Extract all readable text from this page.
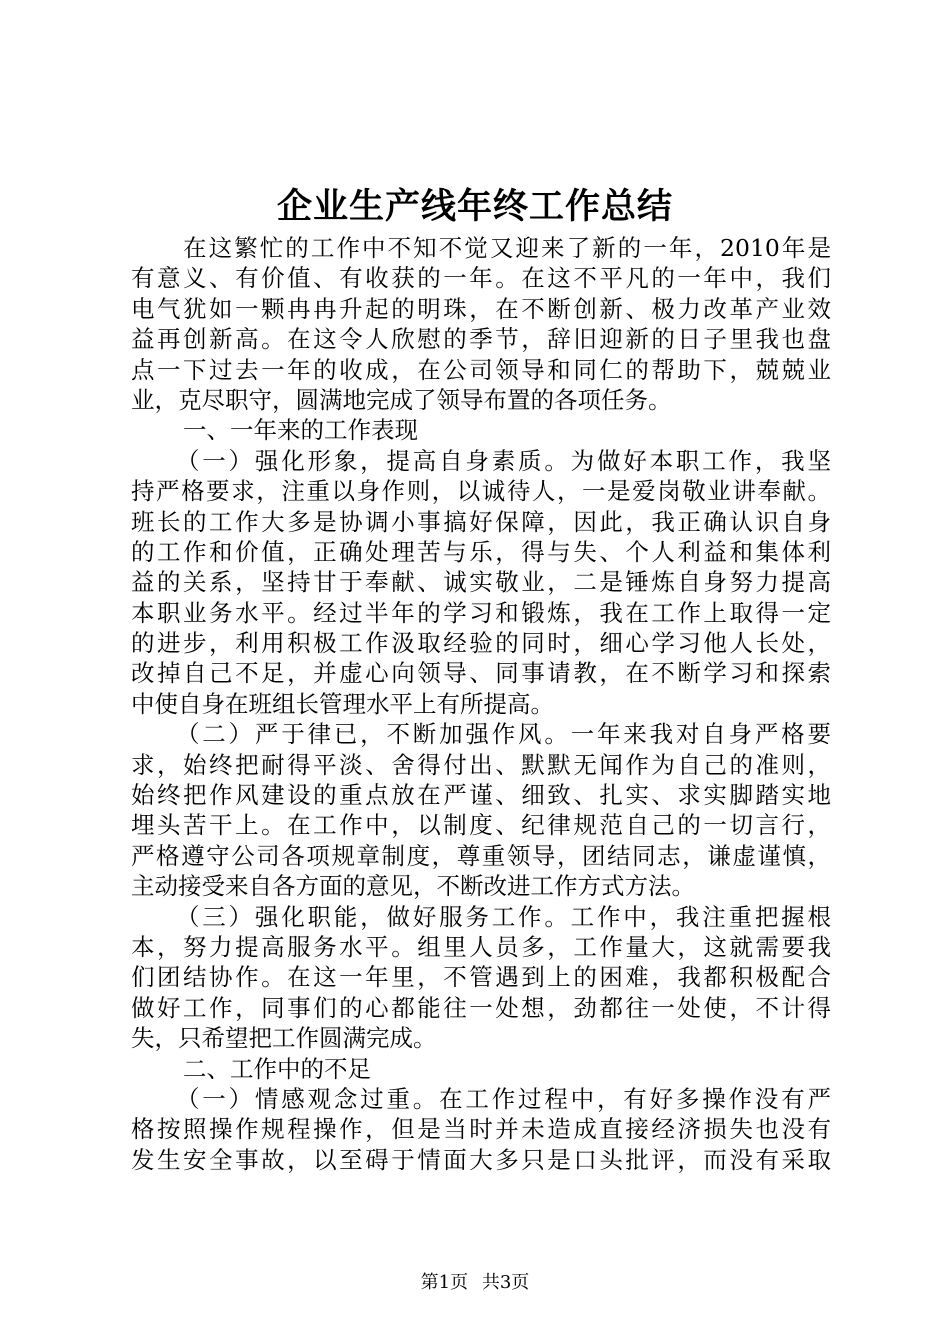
企业生产线年终工作总结
在这繁忙的工作中不知不觉又迎来了新的一年，2010年是
有意义、有价值、有收获的一年。在这不平凡的一年中，我们
电气犹如一颗冉冉升起的明珠，在不断创新、极力改革产业效
益再创新高。在这令人欣慰的季节，辞旧迎新的日子里我也盘
点一下过去一年的收成，在公司领导和同仁的帮助下，兢兢业
业，克尽职守，圆满地完成了领导布置的各项任务。
一、一年来的工作表现
（一）强化形象，提高自身素质。为做好本职工作，我坚
持严格要求，注重以身作则，以诚待人，一是爱岗敬业讲奉献。
班长的工作大多是协调小事搞好保障，因此，我正确认识自身
的工作和价值，正确处理苦与乐，得与失、个人利益和集体利
益的关系，坚持甘于奉献、诚实敬业，二是锤炼自身努力提高
本职业务水平。经过半年的学习和锻炼，我在工作上取得一定
的进步，利用积极工作汲取经验的同时，细心学习他人长处，
改掉自己不足，并虚心向领导、同事请教，在不断学习和探索
中使自身在班组长管理水平上有所提高。
（二）严于律已，不断加强作风。一年来我对自身严格要
求，始终把耐得平淡、舍得付出、默默无闻作为自己的准则，
始终把作风建设的重点放在严谨、细致、扎实、求实脚踏实地
埋头苦干上。在工作中，以制度、纪律规范自己的一切言行，
严格遵守公司各项规章制度，尊重领导，团结同志，谦虚谨慎，
主动接受来自各方面的意见，不断改进工作方式方法。
（三）强化职能，做好服务工作。工作中，我注重把握根
本，努力提高服务水平。组里人员多，工作量大，这就需要我
们团结协作。在这一年里，不管遇到上的困难，我都积极配合
做好工作，同事们的心都能往一处想，劲都往一处使，不计得
失，只希望把工作圆满完成。
二、工作中的不足
（一）情感观念过重。在工作过程中，有好多操作没有严
格按照操作规程操作，但是当时并未造成直接经济损失也没有
发生安全事故，以至碍于情面大多只是口头批评，而没有采取
第1页 共3页
